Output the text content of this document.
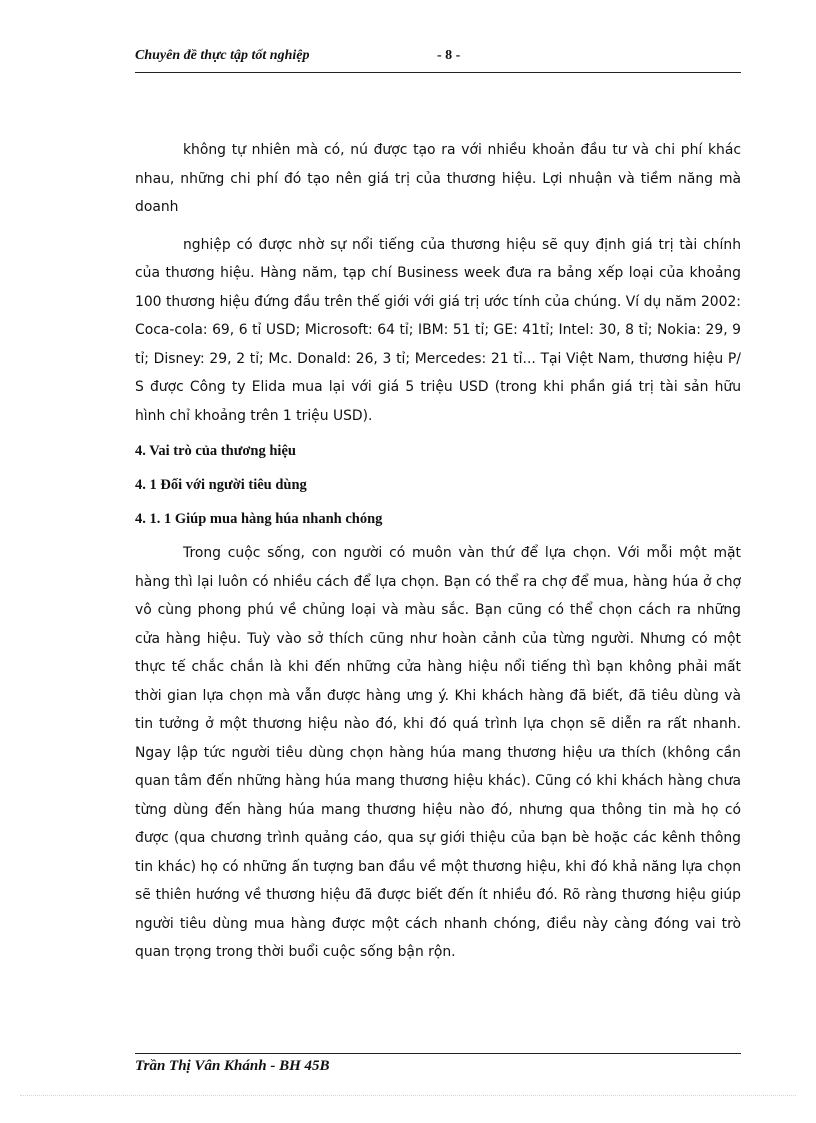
Chuyên đề thực tập tốt nghiệp	- 8 -

không tự nhiên mà có, nú được tạo ra với nhiều khoản đầu tư và chi phí khác nhau, những chi phí đó tạo nên giá trị của thương hiệu. Lợi nhuận và tiềm năng mà doanh

nghiệp có được nhờ sự nổi tiếng của thương hiệu sẽ quy định giá trị tài chính của thương hiệu. Hàng năm, tạp chí Business week đưa ra bảng xếp loại của khoảng 100 thương hiệu đứng đầu trên thế giới với giá trị ước tính của chúng. Ví dụ năm 2002: Coca-cola: 69, 6 tỉ USD; Microsoft: 64 tỉ; IBM: 51 tỉ; GE: 41tỉ; Intel: 30, 8 tỉ; Nokia: 29, 9 tỉ; Disney: 29, 2 tỉ; Mc. Donald: 26, 3 tỉ; Mercedes: 21 tỉ... Tại Việt Nam, thương hiệu P/ S được Công ty Elida mua lại với giá 5 triệu USD (trong khi phần giá trị tài sản hữu hình chỉ khoảng trên 1 triệu USD).

4. Vai trò của thương hiệu
4. 1 Đối với người tiêu dùng
4. 1. 1 Giúp mua hàng húa nhanh chóng

Trong cuộc sống, con người có muôn vàn thứ để lựa chọn. Với mỗi một mặt hàng thì lại luôn có nhiều cách để lựa chọn. Bạn có thể ra chợ để mua, hàng húa ở chợ vô cùng phong phú về chủng loại và màu sắc. Bạn cũng có thể chọn cách ra những cửa hàng hiệu. Tuỳ vào sở thích cũng như hoàn cảnh của từng người. Nhưng có một thực tế chắc chắn là khi đến những cửa hàng hiệu nổi tiếng thì bạn không phải mất thời gian lựa chọn mà vẫn được hàng ưng ý. Khi khách hàng đã biết, đã tiêu dùng và tin tưởng ở một thương hiệu nào đó, khi đó quá trình lựa chọn sẽ diễn ra rất nhanh. Ngay lập tức người tiêu dùng chọn hàng húa mang thương hiệu ưa thích (không cần quan tâm đến những hàng húa mang thương hiệu khác). Cũng có khi khách hàng chưa từng dùng đến hàng húa mang thương hiệu nào đó, nhưng qua thông tin mà họ có được (qua chương trình quảng cáo, qua sự giới thiệu của bạn bè hoặc các kênh thông tin khác) họ có những ấn tượng ban đầu về một thương hiệu, khi đó khả năng lựa chọn sẽ thiên hướng về thương hiệu đã được biết đến ít nhiều đó. Rõ ràng thương hiệu giúp người tiêu dùng mua hàng được một cách nhanh chóng, điều này càng đóng vai trò quan trọng trong thời buổi cuộc sống bận rộn.

Trần Thị Vân Khánh - BH 45B
